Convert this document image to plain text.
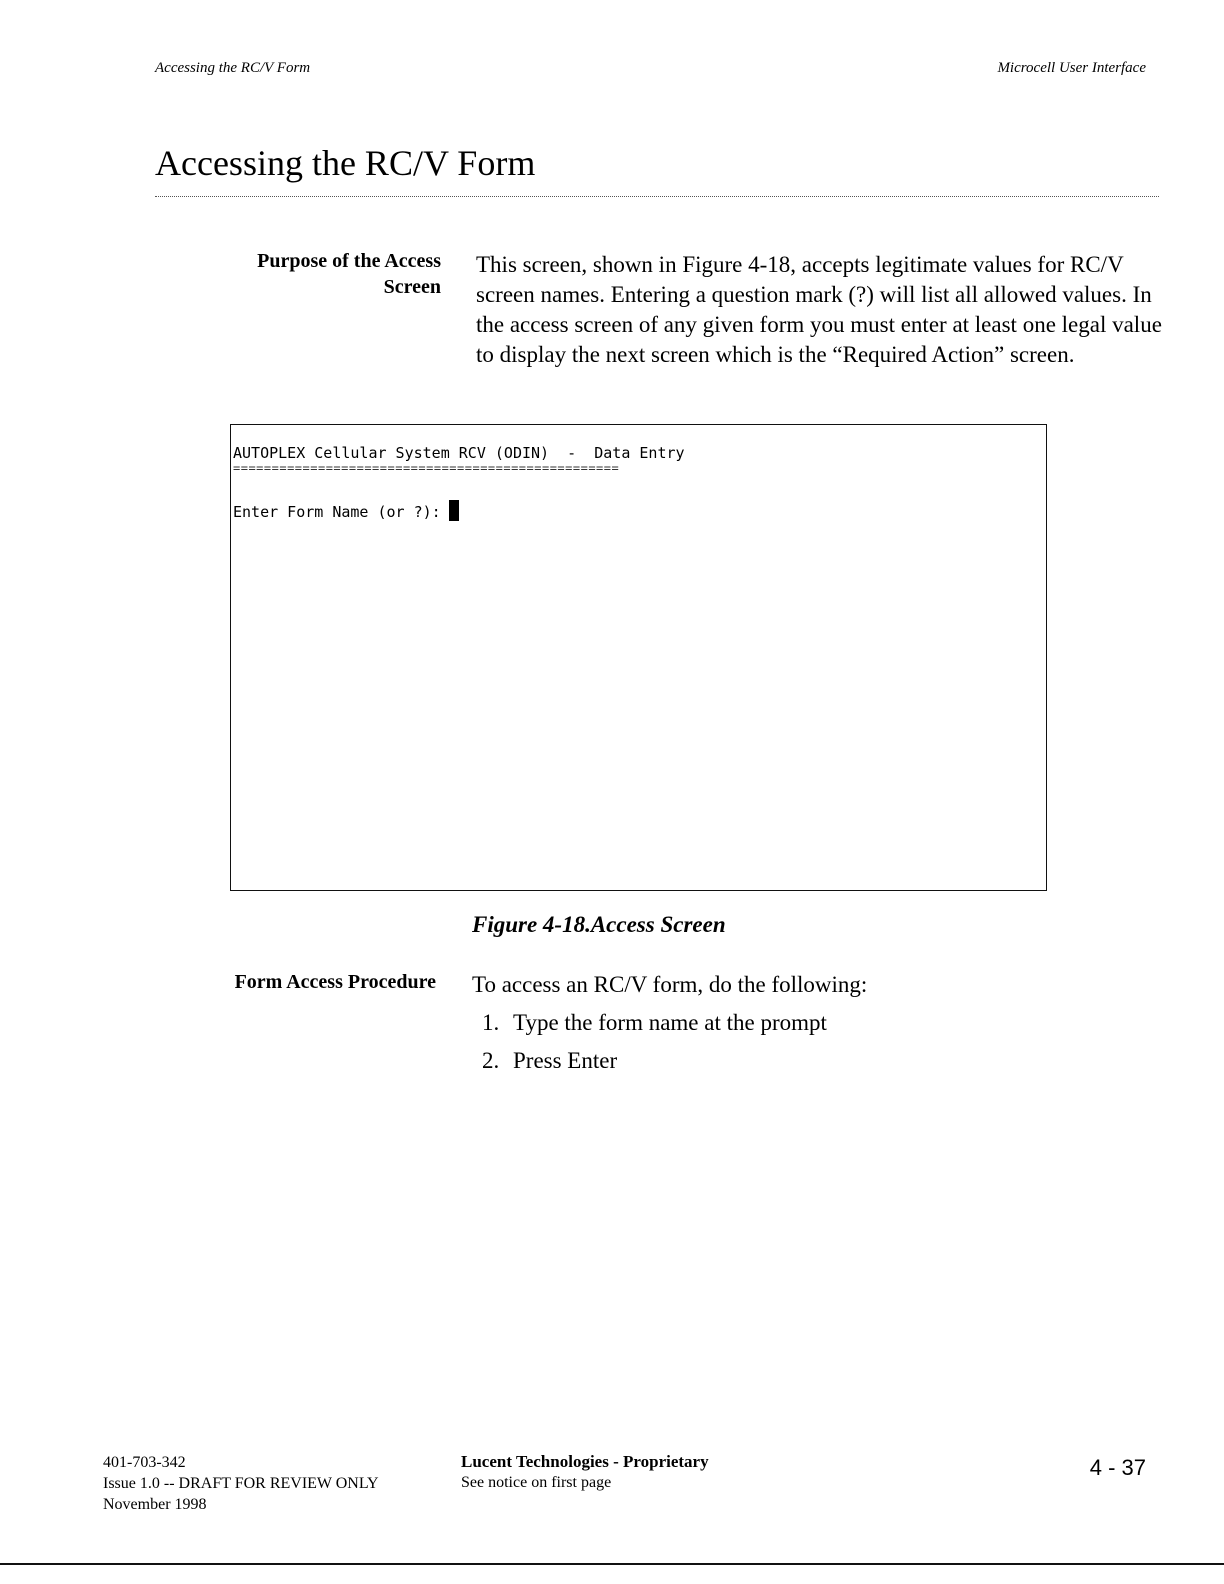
Accessing the RC/V Form	Microcell User Interface
Accessing the RC/V Form
Purpose of the Access
Screen

This screen, shown in Figure 4-18, accepts legitimate values for RC/V screen names. Entering a question mark (?) will list all allowed values. In the access screen of any given form you must enter at least one legal value to display the next screen which is the “Required Action” screen.

AUTOPLEX Cellular System RCV (ODIN)  -  Data Entry
==================================================
Enter Form Name (or ?):
Figure 4-18.Access Screen
Form Access Procedure To access an RC/V form, do the following:
1. Type the form name at the prompt
2. Press Enter
401-703-342
Issue 1.0 -- DRAFT FOR REVIEW ONLY
November 1998
Lucent Technologies - Proprietary
See notice on first page
4 - 37
